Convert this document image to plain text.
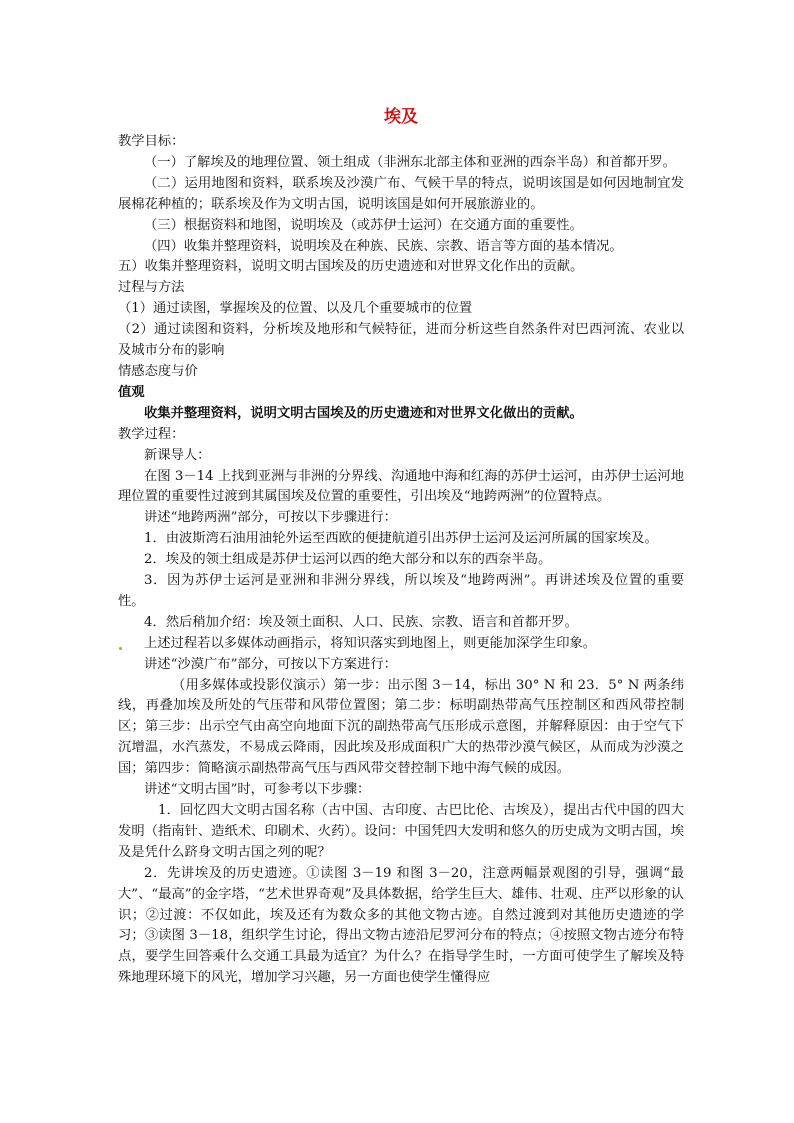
埃及

教学目标：

（一）了解埃及的地理位置、领土组成（非洲东北部主体和亚洲的西奈半岛）和首都开罗。

（二）运用地图和资料，联系埃及沙漠广布、气候干旱的特点，说明该国是如何因地制宜发展棉花种植的；联系埃及作为文明古国，说明该国是如何开展旅游业的。

（三）根据资料和地图，说明埃及（或苏伊士运河）在交通方面的重要性。

（四）收集并整理资料，说明埃及在种族、民族、宗教、语言等方面的基本情况。

五）收集并整理资料，说明文明古国埃及的历史遗迹和对世界文化作出的贡献。

过程与方法

（1）通过读图，掌握埃及的位置、以及几个重要城市的位置

（2）通过读图和资料，分析埃及地形和气候特征，进而分析这些自然条件对巴西河流、农业以及城市分布的影响

情感态度与价

值观

收集并整理资料，说明文明古国埃及的历史遗迹和对世界文化做出的贡献。

教学过程：

新课导人：

在图 3－14 上找到亚洲与非洲的分界线、沟通地中海和红海的苏伊士运河，由苏伊士运河地理位置的重要性过渡到其属国埃及位置的重要性，引出埃及“地跨两洲”的位置特点。

讲述“地跨两洲”部分，可按以下步骤进行：

1．由波斯湾石油用油轮外运至西欧的便捷航道引出苏伊士运河及运河所属的国家埃及。

2．埃及的领土组成是苏伊士运河以西的绝大部分和以东的西奈半岛。

3．因为苏伊士运河是亚洲和非洲分界线，所以埃及“地跨两洲”。再讲述埃及位置的重要性。

4．然后稍加介绍：埃及领土面积、人口、民族、宗教、语言和首都开罗。

上述过程若以多媒体动画指示，将知识落实到地图上，则更能加深学生印象。

讲述“沙漠广布”部分，可按以下方案进行：

（用多媒体或投影仪演示）第一步：出示图 3－14，标出 30° N 和 23．5° N 两条纬线，再叠加埃及所处的气压带和风带位置图；第二步：标明副热带高气压控制区和西风带控制区；第三步：出示空气由高空向地面下沉的副热带高气压形成示意图，并解释原因：由于空气下沉增温，水汽蒸发，不易成云降雨，因此埃及形成面积广大的热带沙漠气候区，从而成为沙漠之国；第四步：简略演示副热带高气压与西风带交替控制下地中海气候的成因。

讲述“文明古国”时，可参考以下步骤：

1．回忆四大文明古国名称（古中国、古印度、古巴比伦、古埃及），提出古代中国的四大发明（指南针、造纸术、印刷术、火药）。设问：中国凭四大发明和悠久的历史成为文明古国，埃及是凭什么跻身文明古国之列的呢？

2．先讲埃及的历史遗迹。①读图 3－19 和图 3－20，注意两幅景观图的引导，强调“最大”、“最高”的金字塔，“艺术世界奇观”及具体数据，给学生巨大、雄伟、壮观、庄严以形象的认识；②过渡：不仅如此，埃及还有为数众多的其他文物古迹。自然过渡到对其他历史遗迹的学习；③读图 3－18，组织学生讨论，得出文物古迹沿尼罗河分布的特点；④按照文物古迹分布特点，要学生回答乘什么交通工具最为适宜？为什么？在指导学生时，一方面可使学生了解埃及特殊地理环境下的风光，增加学习兴趣，另一方面也使学生懂得应
